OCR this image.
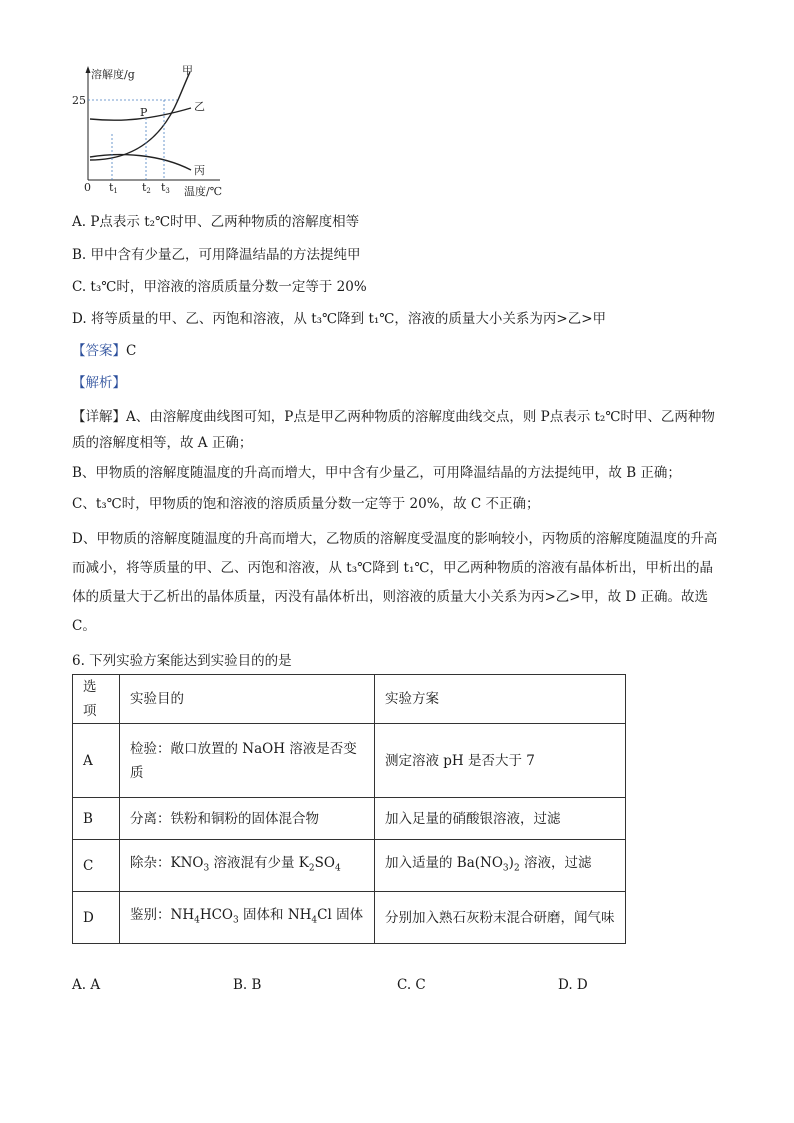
溶解度/g
25
P
甲
乙
丙
0 t1 t2 t3 温度/℃
A. P点表示 t₂℃时甲、乙两种物质的溶解度相等
B. 甲中含有少量乙，可用降温结晶的方法提纯甲
C. t₃℃时，甲溶液的溶质质量分数一定等于 20%
D. 将等质量的甲、乙、丙饱和溶液，从 t₃℃降到 t₁℃，溶液的质量大小关系为丙>乙>甲
【答案】C
【解析】
【详解】A、由溶解度曲线图可知，P点是甲乙两种物质的溶解度曲线交点，则 P点表示 t₂℃时甲、乙两种物质的溶解度相等，故 A 正确；
B、甲物质的溶解度随温度的升高而增大，甲中含有少量乙，可用降温结晶的方法提纯甲，故 B 正确；
C、t₃℃时，甲物质的饱和溶液的溶质质量分数一定等于 20%，故 C 不正确；
D、甲物质的溶解度随温度的升高而增大，乙物质的溶解度受温度的影响较小，丙物质的溶解度随温度的升高而减小，将等质量的甲、乙、丙饱和溶液，从 t₃℃降到 t₁℃，甲乙两种物质的溶液有晶体析出，甲析出的晶体的质量大于乙析出的晶体质量，丙没有晶体析出，则溶液的质量大小关系为丙>乙>甲，故 D 正确。故选 C。
6. 下列实验方案能达到实验目的的是
选项	实验目的	实验方案
A	检验：敞口放置的 NaOH 溶液是否变质	测定溶液 pH 是否大于 7
B	分离：铁粉和铜粉的固体混合物	加入足量的硝酸银溶液，过滤
C	除杂：$KNO_3$ 溶液混有少量 $K_2SO_4$	加入适量的 $Ba(NO_3)_2$ 溶液，过滤
D	鉴别：$NH_4HCO_3$ 固体和 $NH_4Cl$ 固体	分别加入熟石灰粉末混合研磨，闻气味
A. A	B. B	C. C	D. D
